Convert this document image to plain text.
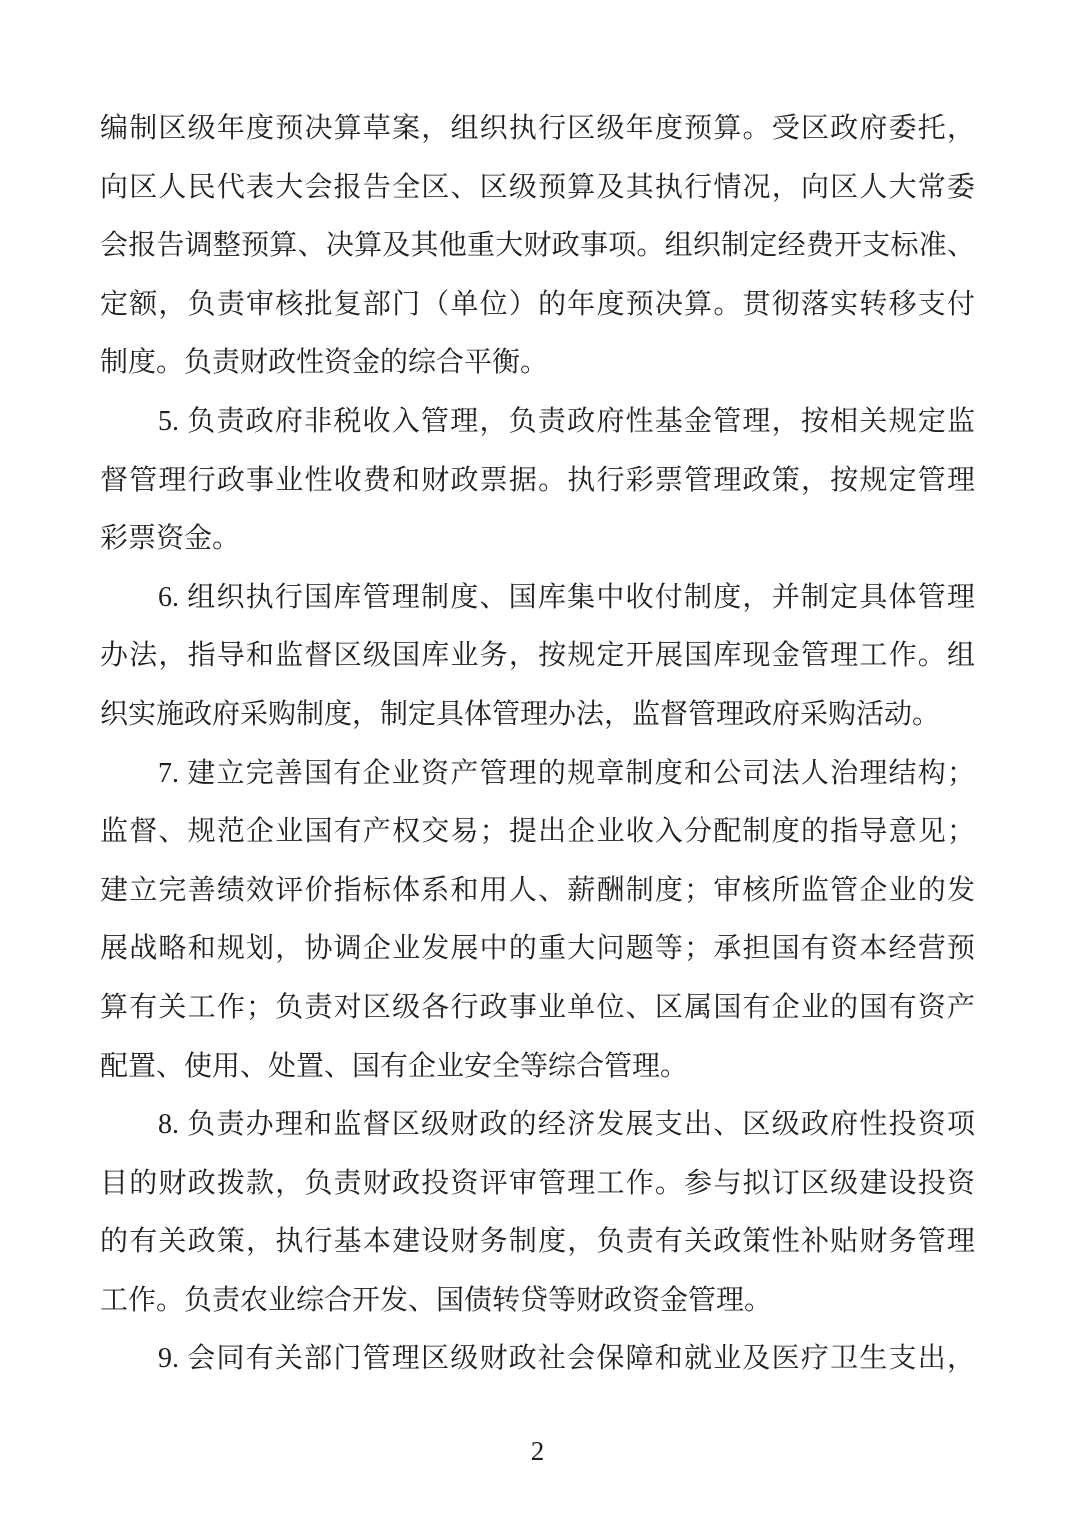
编制区级年度预决算草案，组织执行区级年度预算。受区政府委托，

向区人民代表大会报告全区、区级预算及其执行情况，向区人大常委

会报告调整预算、决算及其他重大财政事项。组织制定经费开支标准、

定额，负责审核批复部门（单位）的年度预决算。贯彻落实转移支付

制度。负责财政性资金的综合平衡。

5. 负责政府非税收入管理，负责政府性基金管理，按相关规定监

督管理行政事业性收费和财政票据。执行彩票管理政策，按规定管理

彩票资金。

6. 组织执行国库管理制度、国库集中收付制度，并制定具体管理

办法，指导和监督区级国库业务，按规定开展国库现金管理工作。组

织实施政府采购制度，制定具体管理办法，监督管理政府采购活动。

7. 建立完善国有企业资产管理的规章制度和公司法人治理结构；

监督、规范企业国有产权交易；提出企业收入分配制度的指导意见；

建立完善绩效评价指标体系和用人、薪酬制度；审核所监管企业的发

展战略和规划，协调企业发展中的重大问题等；承担国有资本经营预

算有关工作；负责对区级各行政事业单位、区属国有企业的国有资产

配置、使用、处置、国有企业安全等综合管理。

8. 负责办理和监督区级财政的经济发展支出、区级政府性投资项

目的财政拨款，负责财政投资评审管理工作。参与拟订区级建设投资

的有关政策，执行基本建设财务制度，负责有关政策性补贴财务管理

工作。负责农业综合开发、国债转贷等财政资金管理。

9. 会同有关部门管理区级财政社会保障和就业及医疗卫生支出，

2
